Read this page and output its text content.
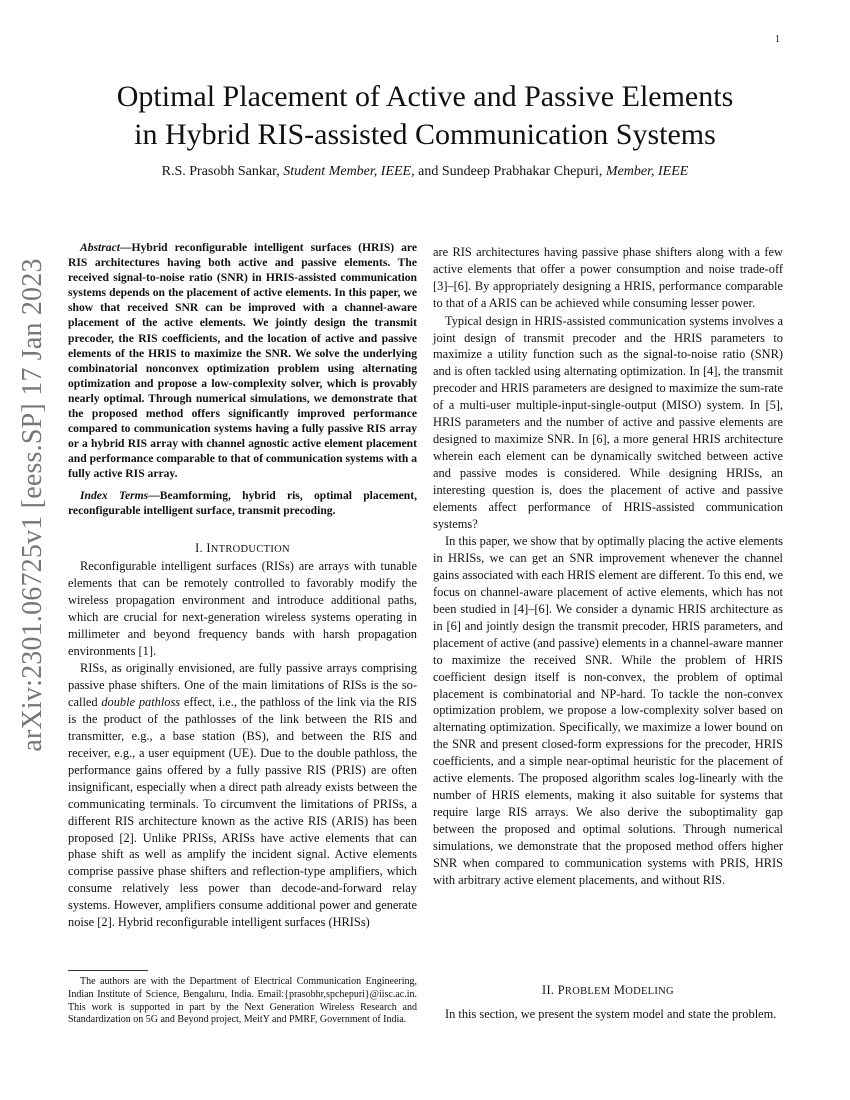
1
arXiv:2301.06725v1 [eess.SP] 17 Jan 2023
Optimal Placement of Active and Passive Elements
in Hybrid RIS-assisted Communication Systems
R.S. Prasobh Sankar, Student Member, IEEE, and Sundeep Prabhakar Chepuri, Member, IEEE

Abstract—Hybrid reconfigurable intelligent surfaces (HRIS) are RIS architectures having both active and passive elements. The received signal-to-noise ratio (SNR) in HRIS-assisted communication systems depends on the placement of active elements. In this paper, we show that received SNR can be improved with a channel-aware placement of the active elements. We jointly design the transmit precoder, the RIS coefficients, and the location of active and passive elements of the HRIS to maximize the SNR. We solve the underlying combinatorial nonconvex optimization problem using alternating optimization and propose a low-complexity solver, which is provably nearly optimal. Through numerical simulations, we demonstrate that the proposed method offers significantly improved performance compared to communication systems having a fully passive RIS array or a hybrid RIS array with channel agnostic active element placement and performance comparable to that of communication systems with a fully active RIS array.

Index Terms—Beamforming, hybrid ris, optimal placement, reconfigurable intelligent surface, transmit precoding.

I. INTRODUCTION

Reconfigurable intelligent surfaces (RISs) are arrays with tunable elements that can be remotely controlled to favorably modify the wireless propagation environment and introduce additional paths, which are crucial for next-generation wireless systems operating in millimeter and beyond frequency bands with harsh propagation environments [1].

RISs, as originally envisioned, are fully passive arrays comprising passive phase shifters. One of the main limitations of RISs is the so-called double pathloss effect, i.e., the pathloss of the link via the RIS is the product of the pathlosses of the link between the RIS and transmitter, e.g., a base station (BS), and between the RIS and receiver, e.g., a user equipment (UE). Due to the double pathloss, the performance gains offered by a fully passive RIS (PRIS) are often insignificant, especially when a direct path already exists between the communicating terminals. To circumvent the limitations of PRISs, a different RIS architecture known as the active RIS (ARIS) has been proposed [2]. Unlike PRISs, ARISs have active elements that can phase shift as well as amplify the incident signal. Active elements comprise passive phase shifters and reflection-type amplifiers, which consume relatively less power than decode-and-forward relay systems. However, amplifiers consume additional power and generate noise [2]. Hybrid reconfigurable intelligent surfaces (HRISs)

The authors are with the Department of Electrical Communication Engineering, Indian Institute of Science, Bengaluru, India. Email:{prasobhr,spchepuri}@iisc.ac.in. This work is supported in part by the Next Generation Wireless Research and Standardization on 5G and Beyond project, MeitY and PMRF, Government of India.

are RIS architectures having passive phase shifters along with a few active elements that offer a power consumption and noise trade-off [3]–[6]. By appropriately designing a HRIS, performance comparable to that of a ARIS can be achieved while consuming lesser power.

Typical design in HRIS-assisted communication systems involves a joint design of transmit precoder and the HRIS parameters to maximize a utility function such as the signal-to-noise ratio (SNR) and is often tackled using alternating optimization. In [4], the transmit precoder and HRIS parameters are designed to maximize the sum-rate of a multi-user multiple-input-single-output (MISO) system. In [5], HRIS parameters and the number of active and passive elements are designed to maximize SNR. In [6], a more general HRIS architecture wherein each element can be dynamically switched between active and passive modes is considered. While designing HRISs, an interesting question is, does the placement of active and passive elements affect performance of HRIS-assisted communication systems?

In this paper, we show that by optimally placing the active elements in HRISs, we can get an SNR improvement whenever the channel gains associated with each HRIS element are different. To this end, we focus on channel-aware placement of active elements, which has not been studied in [4]–[6]. We consider a dynamic HRIS architecture as in [6] and jointly design the transmit precoder, HRIS parameters, and placement of active (and passive) elements in a channel-aware manner to maximize the received SNR. While the problem of HRIS coefficient design itself is non-convex, the problem of optimal placement is combinatorial and NP-hard. To tackle the non-convex optimization problem, we propose a low-complexity solver based on alternating optimization. Specifically, we maximize a lower bound on the SNR and present closed-form expressions for the precoder, HRIS coefficients, and a simple near-optimal heuristic for the placement of active elements. The proposed algorithm scales log-linearly with the number of HRIS elements, making it also suitable for systems that require large RIS arrays. We also derive the suboptimality gap between the proposed and optimal solutions. Through numerical simulations, we demonstrate that the proposed method offers higher SNR when compared to communication systems with PRIS, HRIS with arbitrary active element placements, and without RIS.

II. PROBLEM MODELING

In this section, we present the system model and state the problem.
